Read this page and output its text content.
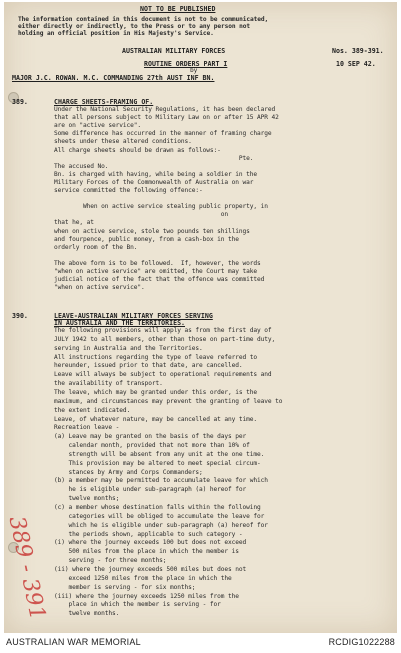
NOT TO BE PUBLISHED
The information contained in this document is not to be communicated,
either directly or indirectly, to the Press or to any person not
holding an official position in His Majesty's Service.
AUSTRALIAN MILITARY FORCES	Nos. 389-391.
ROUTINE ORDERS PART I	10 SEP 42.
by
MAJOR J.C. ROWAN. M.C. COMMANDING 27th AUST INF BN.
389.	CHARGE SHEETS-FRAMING OF.
Under the National Security Regulations, it has been declared
that all persons subject to Military Law on or after 15 APR 42
are on "active service".
Some difference has occurred in the manner of framing charge
sheets under these altered conditions.
All charge sheets should be drawn as follows:-
Pte.
The accused No.
Bn. is charged with having, while being a soldier in the
Military Forces of the Commonwealth of Australia on war
service committed the following offence:-
When on active service stealing public property, in
on
that he, at
when on active service, stole two pounds ten shillings
and fourpence, public money, from a cash-box in the
orderly room of the Bn.
The above form is to be followed.  If, however, the words
"when on active service" are omitted, the Court may take
judicial notice of the fact that the offence was committed
"when on active service".
390.	LEAVE-AUSTRALIAN MILITARY FORCES SERVING
IN AUSTRALIA AND THE TERRITORIES.
The following provisions will apply as from the first day of
JULY 1942 to all members, other than those on part-time duty,
serving in Australia and the Territories.
All instructions regarding the type of leave referred to
hereunder, issued prior to that date, are cancelled.
Leave will always be subject to operational requirements and
the availability of transport.
The leave, which may be granted under this order, is the
maximum, and circumstances may prevent the granting of leave to
the extent indicated.
Leave, of whatever nature, may be cancelled at any time.
Recreation leave -
(a) Leave may be granted on the basis of the days per
calendar month, provided that not more than 10% of
strength will be absent from any unit at the one time.
This provision may be altered to meet special circum-
stances by Army and Corps Commanders;
(b) a member may be permitted to accumulate leave for which
he is eligible under sub-paragraph (a) hereof for
twelve months;
(c) a member whose destination falls within the following
categories will be obliged to accumulate the leave for
which he is eligible under sub-paragraph (a) hereof for
the periods shown, applicable to such category -
(i) where the journey exceeds 100 but does not exceed
500 miles from the place in which the member is
serving - for three months;
(ii) where the journey exceeds 500 miles but does not
exceed 1250 miles from the place in which the
member is serving - for six months;
(iii) where the journey exceeds 1250 miles from the
place in which the member is serving - for
twelve months.
389 - 391
AUSTRALIAN WAR MEMORIAL	RCDIG1022288
